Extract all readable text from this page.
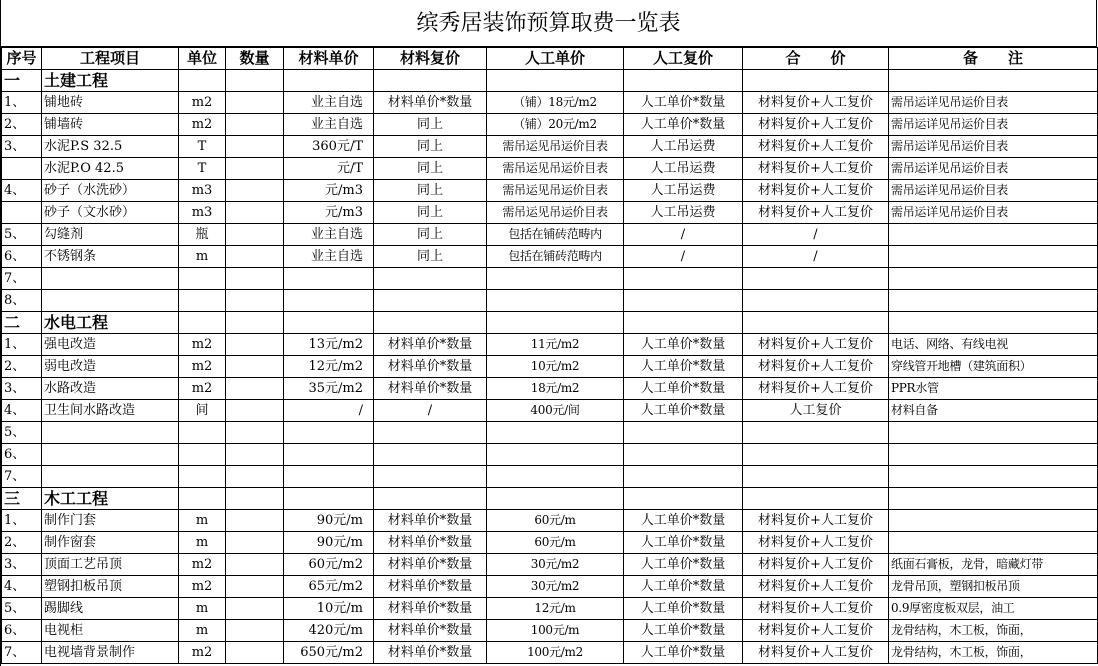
缤秀居装饰预算取费一览表
序号	工程项目	单位	数量	材料单价	材料复价	人工单价	人工复价	合　　价	备　　注
一	土建工程								
1、	铺地砖	m2		业主自选	材料单价*数量	（铺）18元/m2	人工单价*数量	材料复价+人工复价	需吊运详见吊运价目表
2、	铺墙砖	m2		业主自选	同上	（铺）20元/m2	人工单价*数量	材料复价+人工复价	需吊运详见吊运价目表
3、	水泥P.S 32.5	T		360元/T	同上	需吊运见吊运价目表	人工吊运费	材料复价+人工复价	需吊运详见吊运价目表
	水泥P.O 42.5	T		元/T	同上	需吊运见吊运价目表	人工吊运费	材料复价+人工复价	需吊运详见吊运价目表
4、	砂子（水洗砂）	m3		元/m3	同上	需吊运见吊运价目表	人工吊运费	材料复价+人工复价	需吊运详见吊运价目表
	砂子（文水砂）	m3		元/m3	同上	需吊运见吊运价目表	人工吊运费	材料复价+人工复价	需吊运详见吊运价目表
5、	勾缝剂	瓶		业主自选	同上	包括在铺砖范畴内	/	/	
6、	不锈钢条	m		业主自选	同上	包括在铺砖范畴内	/	/	
7、									
8、									
二	水电工程								
1、	强电改造	m2		13元/m2	材料单价*数量	11元/m2	人工单价*数量	材料复价+人工复价	电话、网络、有线电视
2、	弱电改造	m2		12元/m2	材料单价*数量	10元/m2	人工单价*数量	材料复价+人工复价	穿线管开地槽（建筑面积）
3、	水路改造	m2		35元/m2	材料单价*数量	18元/m2	人工单价*数量	材料复价+人工复价	PPR水管
4、	卫生间水路改造	间		/	/	400元/间	人工单价*数量	人工复价	材料自备
5、									
6、									
7、									
三	木工工程								
1、	制作门套	m		90元/m	材料单价*数量	60元/m	人工单价*数量	材料复价+人工复价	
2、	制作窗套	m		90元/m	材料单价*数量	60元/m	人工单价*数量	材料复价+人工复价	
3、	顶面工艺吊顶	m2		60元/m2	材料单价*数量	30元/m2	人工单价*数量	材料复价+人工复价	纸面石膏板，龙骨，暗藏灯带
4、	塑钢扣板吊顶	m2		65元/m2	材料单价*数量	30元/m2	人工单价*数量	材料复价+人工复价	龙骨吊顶，塑钢扣板吊顶
5、	踢脚线	m		10元/m	材料单价*数量	12元/m	人工单价*数量	材料复价+人工复价	0.9厚密度板双层，油工
6、	电视柜	m		420元/m	材料单价*数量	100元/m	人工单价*数量	材料复价+人工复价	龙骨结构，木工板，饰面，
7、	电视墙背景制作	m2		650元/m2	材料单价*数量	100元/m2	人工单价*数量	材料复价+人工复价	龙骨结构，木工板，饰面，
